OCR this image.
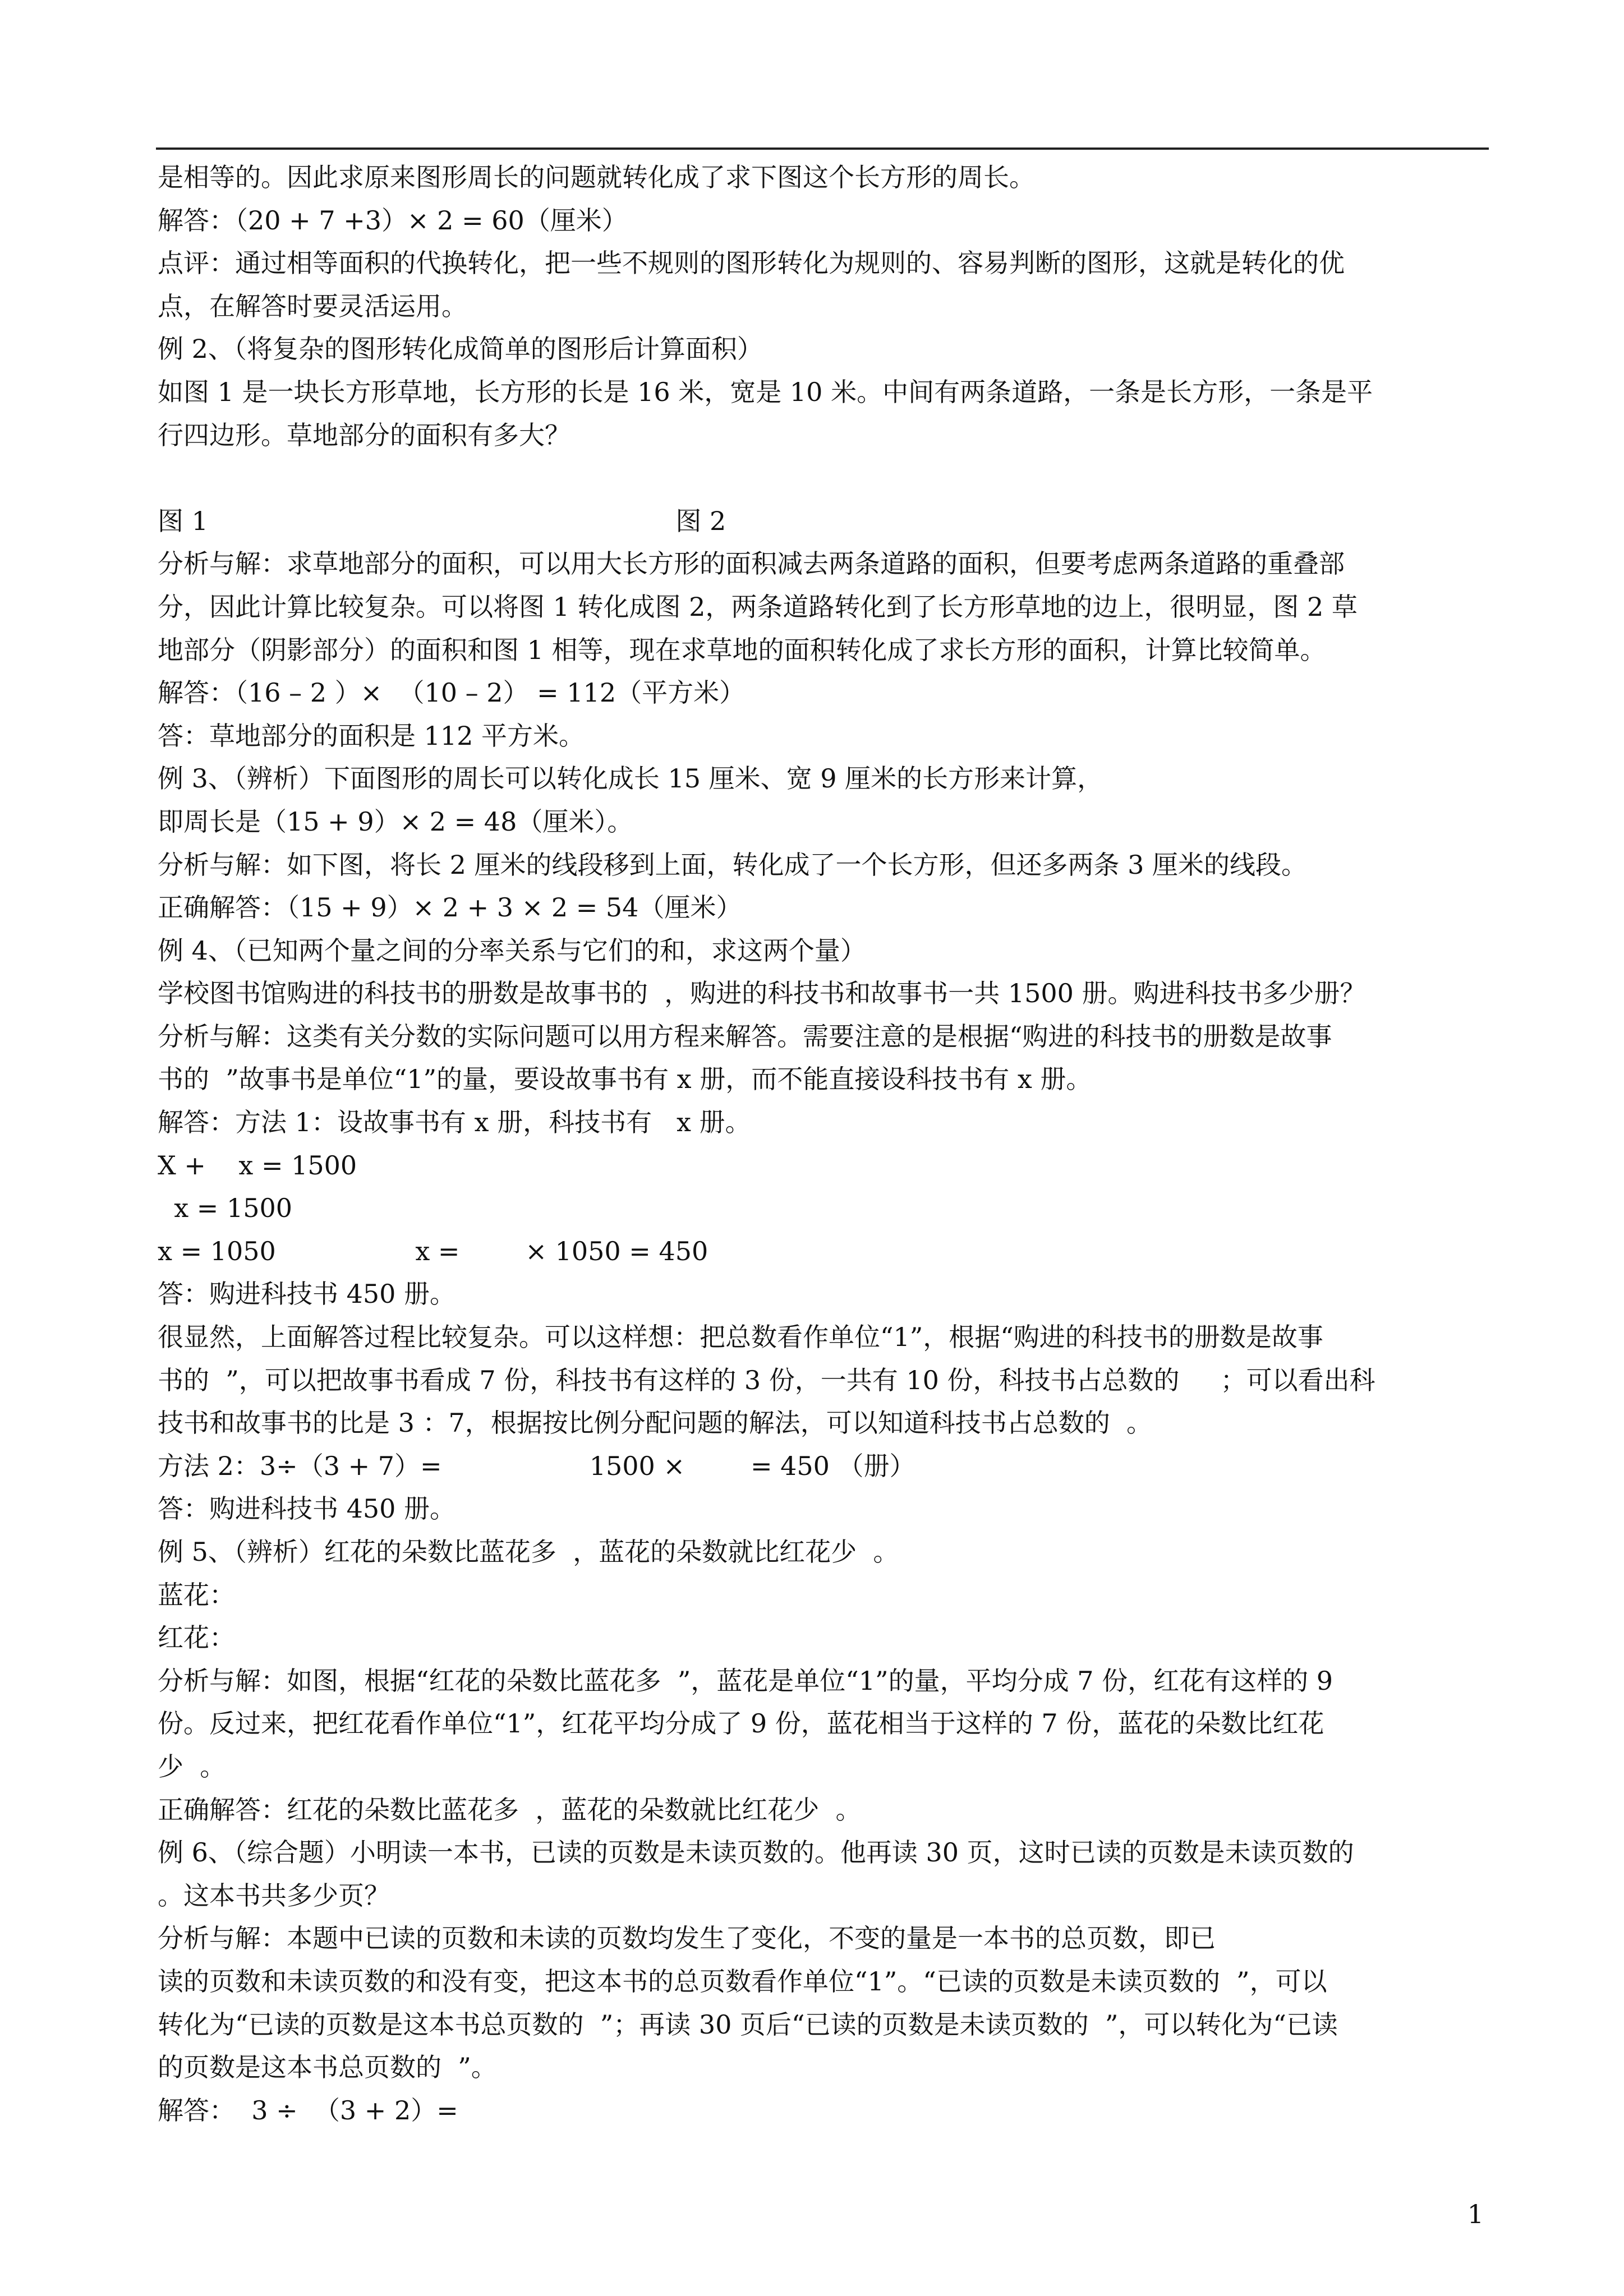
是相等的。因此求原来图形周长的问题就转化成了求下图这个长方形的周长。
解答：（20 + 7 +3）× 2 = 60（厘米）
点评：通过相等面积的代换转化，把一些不规则的图形转化为规则的、容易判断的图形，这就是转化的优
点，在解答时要灵活运用。
例 2、（将复杂的图形转化成简单的图形后计算面积）
如图 1 是一块长方形草地，长方形的长是 16 米，宽是 10 米。中间有两条道路，一条是长方形，一条是平
行四边形。草地部分的面积有多大？
图 1                                                         图 2
分析与解：求草地部分的面积，可以用大长方形的面积减去两条道路的面积，但要考虑两条道路的重叠部
分，因此计算比较复杂。可以将图 1 转化成图 2，两条道路转化到了长方形草地的边上，很明显，图 2 草
地部分（阴影部分）的面积和图 1 相等，现在求草地的面积转化成了求长方形的面积，计算比较简单。
解答：（16 – 2 ）×  （10 – 2） = 112（平方米）
答：草地部分的面积是 112 平方米。
例 3、（辨析）下面图形的周长可以转化成长 15 厘米、宽 9 厘米的长方形来计算，
即周长是（15 + 9）× 2 = 48（厘米）。
分析与解：如下图，将长 2 厘米的线段移到上面，转化成了一个长方形，但还多两条 3 厘米的线段。
正确解答：（15 + 9）× 2 + 3 × 2 = 54（厘米）
例 4、（已知两个量之间的分率关系与它们的和，求这两个量）
学校图书馆购进的科技书的册数是故事书的  ，购进的科技书和故事书一共 1500 册。购进科技书多少册？
分析与解：这类有关分数的实际问题可以用方程来解答。需要注意的是根据“购进的科技书的册数是故事
书的  ”故事书是单位“1”的量，要设故事书有 x 册，而不能直接设科技书有 x 册。
解答：方法 1：设故事书有 x 册，科技书有   x 册。
X +    x = 1500
x = 1500
x = 1050                 x =        × 1050 = 450
答：购进科技书 450 册。
很显然，上面解答过程比较复杂。可以这样想：把总数看作单位“1”，根据“购进的科技书的册数是故事
书的  ”，可以把故事书看成 7 份，科技书有这样的 3 份，一共有 10 份，科技书占总数的     ；可以看出科
技书和故事书的比是 3 ：7，根据按比例分配问题的解法，可以知道科技书占总数的  。
方法 2：3÷（3 + 7）=                  1500 ×        = 450 （册）
答：购进科技书 450 册。
例 5、（辨析）红花的朵数比蓝花多  ，蓝花的朵数就比红花少  。
蓝花：
红花：
分析与解：如图，根据“红花的朵数比蓝花多  ”，蓝花是单位“1”的量，平均分成 7 份，红花有这样的 9
份。反过来，把红花看作单位“1”，红花平均分成了 9 份，蓝花相当于这样的 7 份，蓝花的朵数比红花
少  。
正确解答：红花的朵数比蓝花多  ，蓝花的朵数就比红花少  。
例 6、（综合题）小明读一本书，已读的页数是未读页数的。他再读 30 页，这时已读的页数是未读页数的
。这本书共多少页？
分析与解：本题中已读的页数和未读的页数均发生了变化，不变的量是一本书的总页数，即已
读的页数和未读页数的和没有变，把这本书的总页数看作单位“1”。“已读的页数是未读页数的  ”，可以
转化为“已读的页数是这本书总页数的  ”；再读 30 页后“已读的页数是未读页数的  ”，可以转化为“已读
的页数是这本书总页数的  ”。
解答：  3 ÷  （3 + 2）=
1
